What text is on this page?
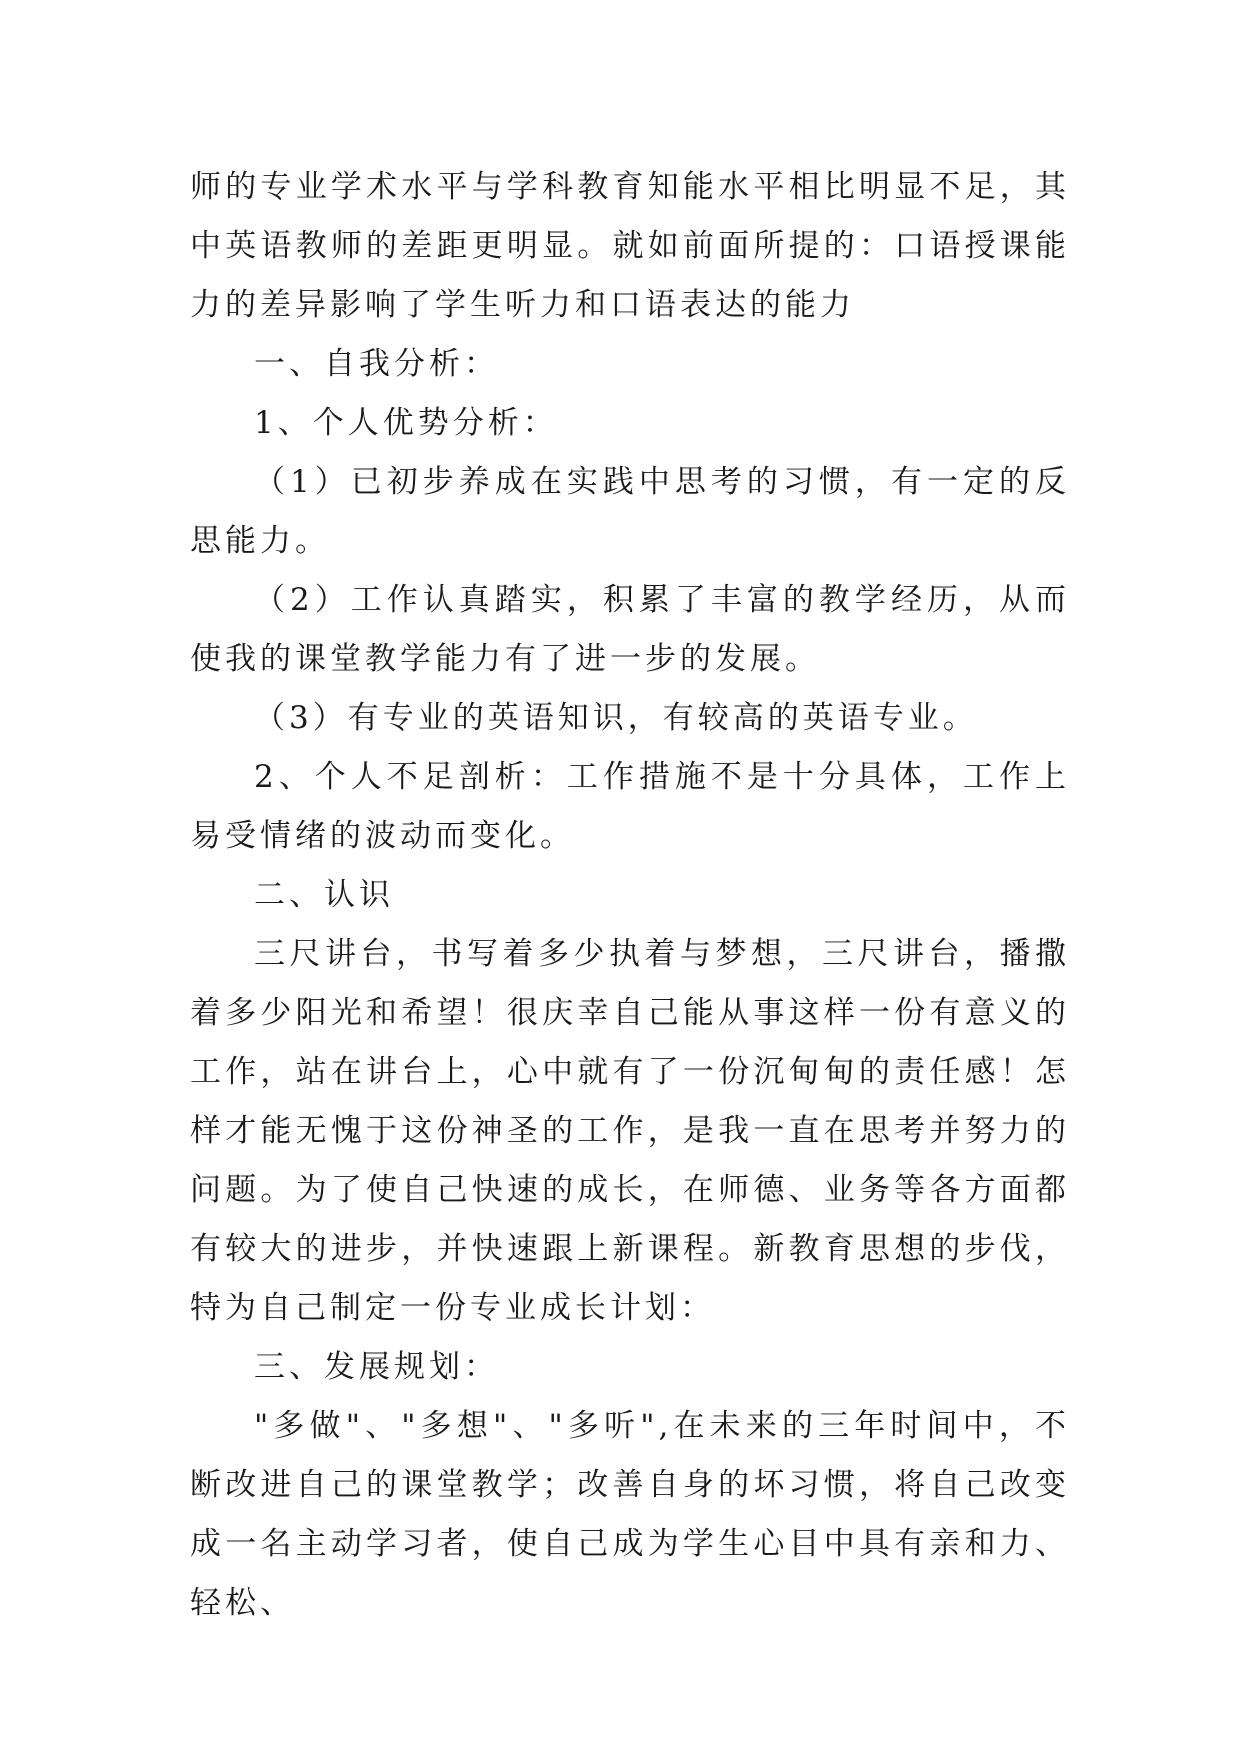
师的专业学术水平与学科教育知能水平相比明显不足，其中英语教师的差距更明显。就如前面所提的：口语授课能力的差异影响了学生听力和口语表达的能力

一、自我分析：

1、个人优势分析：

（1）已初步养成在实践中思考的习惯，有一定的反思能力。

（2）工作认真踏实，积累了丰富的教学经历，从而使我的课堂教学能力有了进一步的发展。

（3）有专业的英语知识，有较高的英语专业。

2、个人不足剖析：工作措施不是十分具体，工作上易受情绪的波动而变化。

二、认识

三尺讲台，书写着多少执着与梦想，三尺讲台，播撒着多少阳光和希望！很庆幸自己能从事这样一份有意义的工作，站在讲台上，心中就有了一份沉甸甸的责任感！怎样才能无愧于这份神圣的工作，是我一直在思考并努力的问题。为了使自己快速的成长，在师德、业务等各方面都有较大的进步，并快速跟上新课程。新教育思想的步伐，特为自己制定一份专业成长计划：

三、发展规划：

"多做"、"多想"、"多听",在未来的三年时间中，不断改进自己的课堂教学；改善自身的坏习惯，将自己改变成一名主动学习者，使自己成为学生心目中具有亲和力、轻松、
